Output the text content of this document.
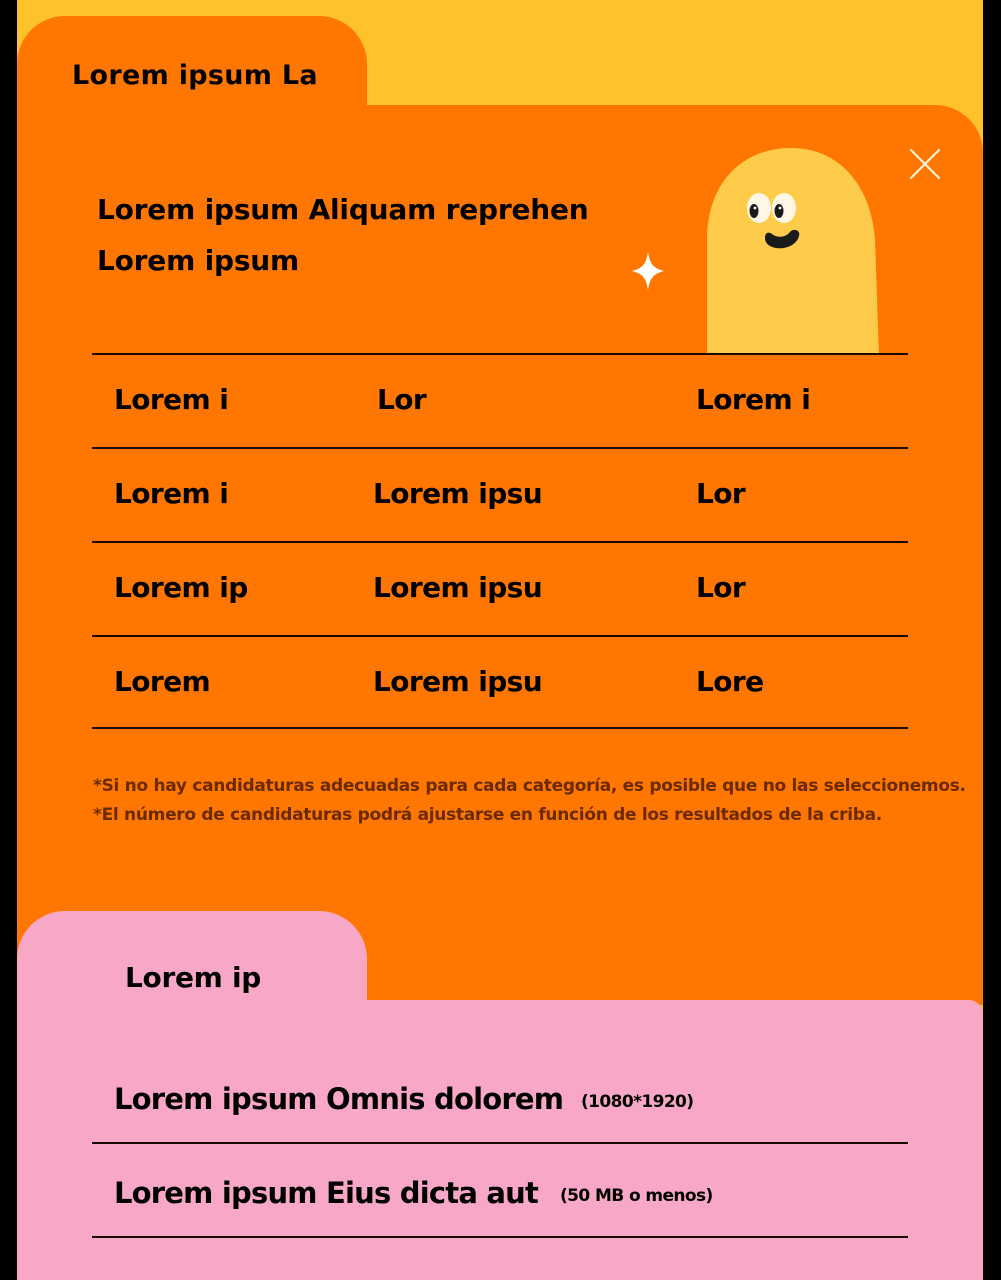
Lorem ipsum La
Lorem ipsum Aliquam reprehen
Lorem ipsum
Lorem i	Lor	Lorem i
Lorem i	Lorem ipsu	Lor
Lorem ip	Lorem ipsu	Lor
Lorem	Lorem ipsu	Lore
*Si no hay candidaturas adecuadas para cada categoría, es posible que no las seleccionemos.
*El número de candidaturas podrá ajustarse en función de los resultados de la criba.
Lorem ip
Lorem ipsum Omnis dolorem (1080*1920)
Lorem ipsum Eius dicta aut (50 MB o menos)
